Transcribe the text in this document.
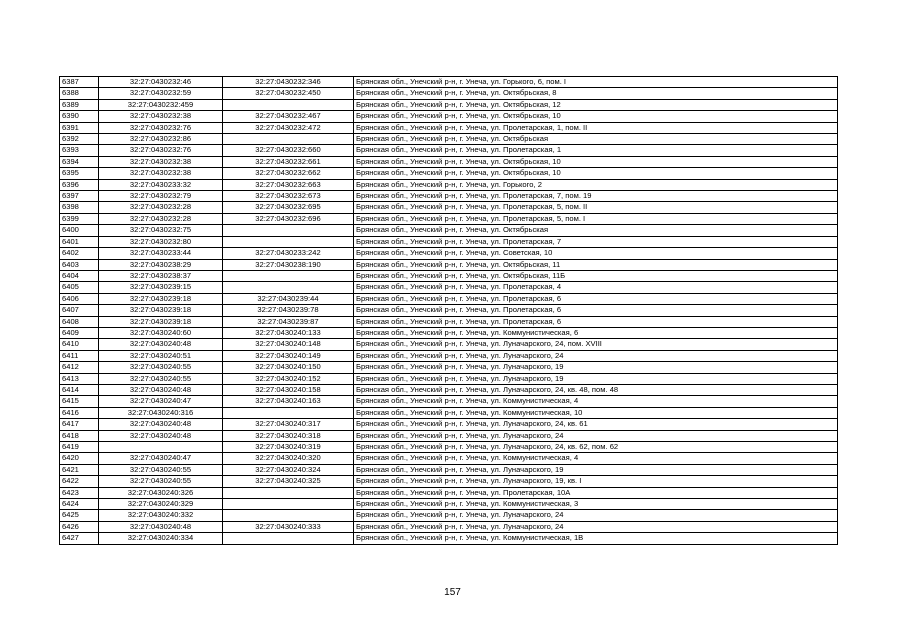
6387	32:27:0430232:46	32:27:0430232:346	Брянская обл., Унечский р-н, г. Унеча, ул. Горького, 6, пом. I
6388	32:27:0430232:59	32:27:0430232:450	Брянская обл., Унечский р-н, г. Унеча, ул. Октябрьская, 8
6389	32:27:0430232:459		Брянская обл., Унечский р-н, г. Унеча, ул. Октябрьская, 12
6390	32:27:0430232:38	32:27:0430232:467	Брянская обл., Унечский р-н, г. Унеча, ул. Октябрьская, 10
6391	32:27:0430232:76	32:27:0430232:472	Брянская обл., Унечский р-н, г. Унеча, ул. Пролетарская, 1, пом. II
6392	32:27:0430232:86		Брянская обл., Унечский р-н, г. Унеча, ул. Октябрьская
6393	32:27:0430232:76	32:27:0430232:660	Брянская обл., Унечский р-н, г. Унеча, ул. Пролетарская, 1
6394	32:27:0430232:38	32:27:0430232:661	Брянская обл., Унечский р-н, г. Унеча, ул. Октябрьская, 10
6395	32:27:0430232:38	32:27:0430232:662	Брянская обл., Унечский р-н, г. Унеча, ул. Октябрьская, 10
6396	32:27:0430233:32	32:27:0430232:663	Брянская обл., Унечский р-н, г. Унеча, ул. Горького, 2
6397	32:27:0430232:79	32:27:0430232:673	Брянская обл., Унечский р-н, г. Унеча, ул. Пролетарская, 7, пом. 19
6398	32:27:0430232:28	32:27:0430232:695	Брянская обл., Унечский р-н, г. Унеча, ул. Пролетарская, 5, пом. II
6399	32:27:0430232:28	32:27:0430232:696	Брянская обл., Унечский р-н, г. Унеча, ул. Пролетарская, 5, пом. I
6400	32:27:0430232:75		Брянская обл., Унечский р-н, г. Унеча, ул. Октябрьская
6401	32:27:0430232:80		Брянская обл., Унечский р-н, г. Унеча, ул. Пролетарская, 7
6402	32:27:0430233:44	32:27:0430233:242	Брянская обл., Унечский р-н, г. Унеча, ул. Советская, 10
6403	32:27:0430238:29	32:27:0430238:190	Брянская обл., Унечский р-н, г. Унеча, ул. Октябрьская, 11
6404	32:27:0430238:37		Брянская обл., Унечский р-н, г. Унеча, ул. Октябрьская, 11Б
6405	32:27:0430239:15		Брянская обл., Унечский р-н, г. Унеча, ул. Пролетарская, 4
6406	32:27:0430239:18	32:27:0430239:44	Брянская обл., Унечский р-н, г. Унеча, ул. Пролетарская, 6
6407	32:27:0430239:18	32:27:0430239:78	Брянская обл., Унечский р-н, г. Унеча, ул. Пролетарская, 6
6408	32:27:0430239:18	32:27:0430239:87	Брянская обл., Унечский р-н, г. Унеча, ул. Пролетарская, 6
6409	32:27:0430240:60	32:27:0430240:133	Брянская обл., Унечский р-н, г. Унеча, ул. Коммунистическая, 6
6410	32:27:0430240:48	32:27:0430240:148	Брянская обл., Унечский р-н, г. Унеча, ул. Луначарского, 24, пом. XVIII
6411	32:27:0430240:51	32:27:0430240:149	Брянская обл., Унечский р-н, г. Унеча, ул. Луначарского, 24
6412	32:27:0430240:55	32:27:0430240:150	Брянская обл., Унечский р-н, г. Унеча, ул. Луначарского, 19
6413	32:27:0430240:55	32:27:0430240:152	Брянская обл., Унечский р-н, г. Унеча, ул. Луначарского, 19
6414	32:27:0430240:48	32:27:0430240:158	Брянская обл., Унечский р-н, г. Унеча, ул. Луначарского, 24, кв. 48, пом. 48
6415	32:27:0430240:47	32:27:0430240:163	Брянская обл., Унечский р-н, г. Унеча, ул. Коммунистическая, 4
6416	32:27:0430240:316		Брянская обл., Унечский р-н, г. Унеча, ул. Коммунистическая, 10
6417	32:27:0430240:48	32:27:0430240:317	Брянская обл., Унечский р-н, г. Унеча, ул. Луначарского, 24, кв. 61
6418	32:27:0430240:48	32:27:0430240:318	Брянская обл., Унечский р-н, г. Унеча, ул. Луначарского, 24
6419		32:27:0430240:319	Брянская обл., Унечский р-н, г. Унеча, ул. Луначарского, 24, кв. 62, пом. 62
6420	32:27:0430240:47	32:27:0430240:320	Брянская обл., Унечский р-н, г. Унеча, ул. Коммунистическая, 4
6421	32:27:0430240:55	32:27:0430240:324	Брянская обл., Унечский р-н, г. Унеча, ул. Луначарского, 19
6422	32:27:0430240:55	32:27:0430240:325	Брянская обл., Унечский р-н, г. Унеча, ул. Луначарского, 19, кв. I
6423	32:27:0430240:326		Брянская обл., Унечский р-н, г. Унеча, ул. Пролетарская, 10А
6424	32:27:0430240:329		Брянская обл., Унечский р-н, г. Унеча, ул. Коммунистическая, 3
6425	32:27:0430240:332		Брянская обл., Унечский р-н, г. Унеча, ул. Луначарского, 24
6426	32:27:0430240:48	32:27:0430240:333	Брянская обл., Унечский р-н, г. Унеча, ул. Луначарского, 24
6427	32:27:0430240:334		Брянская обл., Унечский р-н, г. Унеча, ул. Коммунистическая, 1В
157
